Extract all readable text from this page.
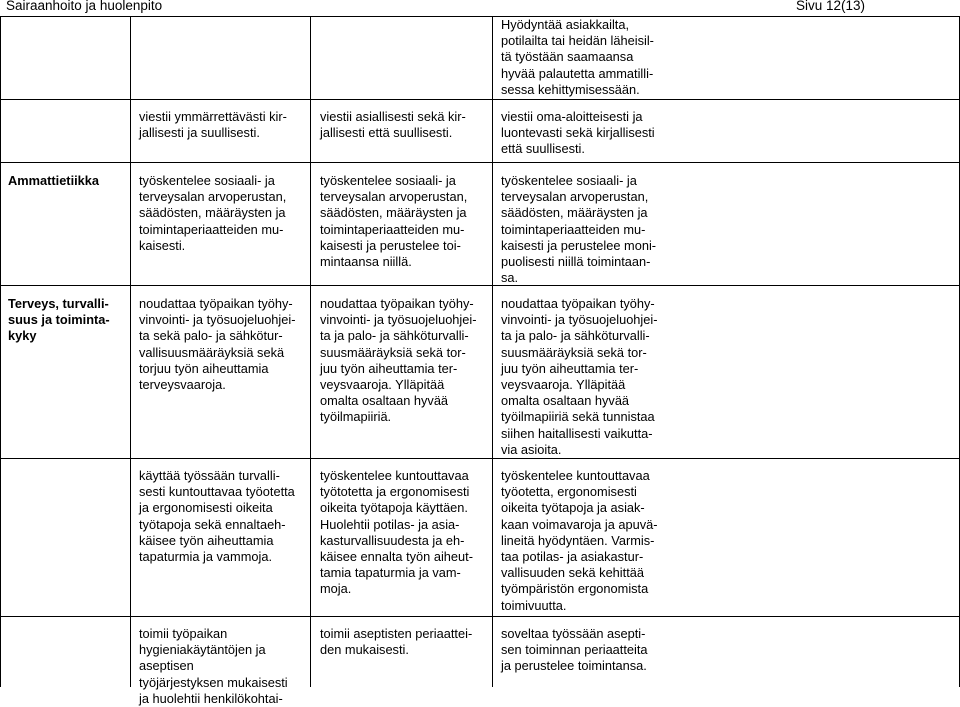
Sairaanhoito ja huolenpito	Sivu 12(13)
Hyödyntää asiakkailta,
potilailta tai heidän läheisil-
tä työstään saamaansa
hyvää palautetta ammatilli-
sessa kehittymisessään.
viestii ymmärrettävästi kir-
jallisesti ja suullisesti.
viestii asiallisesti sekä kir-
jallisesti että suullisesti.
viestii oma-aloitteisesti ja
luontevasti sekä kirjallisesti
että suullisesti.
Ammattietiikka	työskentelee sosiaali- ja
terveysalan arvoperustan,
säädösten, määräysten ja
toimintaperiaatteiden mu-
kaisesti.
työskentelee sosiaali- ja
terveysalan arvoperustan,
säädösten, määräysten ja
toimintaperiaatteiden mu-
kaisesti ja perustelee toi-
mintaansa niillä.
työskentelee sosiaali- ja
terveysalan arvoperustan,
säädösten, määräysten ja
toimintaperiaatteiden mu-
kaisesti ja perustelee moni-
puolisesti niillä toimintaan-
sa.
Terveys, turvalli-
suus ja toiminta-
kyky
noudattaa työpaikan työhy-
vinvointi- ja työsuojeluohjei-
ta sekä palo- ja sähkötur-
vallisuusmääräyksiä sekä
torjuu työn aiheuttamia
terveysvaaroja.
noudattaa työpaikan työhy-
vinvointi- ja työsuojeluohjei-
ta ja palo- ja sähköturvalli-
suusmääräyksiä sekä tor-
juu työn aiheuttamia ter-
veysvaaroja. Ylläpitää
omalta osaltaan hyvää
työilmapiiriä.
noudattaa työpaikan työhy-
vinvointi- ja työsuojeluohjei-
ta ja palo- ja sähköturvalli-
suusmääräyksiä sekä tor-
juu työn aiheuttamia ter-
veysvaaroja. Ylläpitää
omalta osaltaan hyvää
työilmapiiriä sekä tunnistaa
siihen haitallisesti vaikutta-
via asioita.
käyttää työssään turvalli-
sesti kuntouttavaa työotetta
ja ergonomisesti oikeita
työtapoja sekä ennaltaeh-
käisee työn aiheuttamia
tapaturmia ja vammoja.
työskentelee kuntouttavaa
työtotetta ja ergonomisesti
oikeita työtapoja käyttäen.
Huolehtii potilas- ja asia-
kasturvallisuudesta ja eh-
käisee ennalta työn aiheut-
tamia tapaturmia ja vam-
moja.
työskentelee kuntouttavaa
työotetta, ergonomisesti
oikeita työtapoja ja asiak-
kaan voimavaroja ja apuvä-
lineitä hyödyntäen. Varmis-
taa potilas- ja asiakastur-
vallisuuden sekä kehittää
työmpäristön ergonomista
toimivuutta.
toimii työpaikan hygieniakäytäntöjen ja aseptisen
työjärjestyksen mukaisesti
ja huolehtii henkilökohtai-
toimii aseptisten periaattei-
den mukaisesti.
soveltaa työssään asepti-
sen toiminnan periaatteita
ja perustelee toimintansa.
